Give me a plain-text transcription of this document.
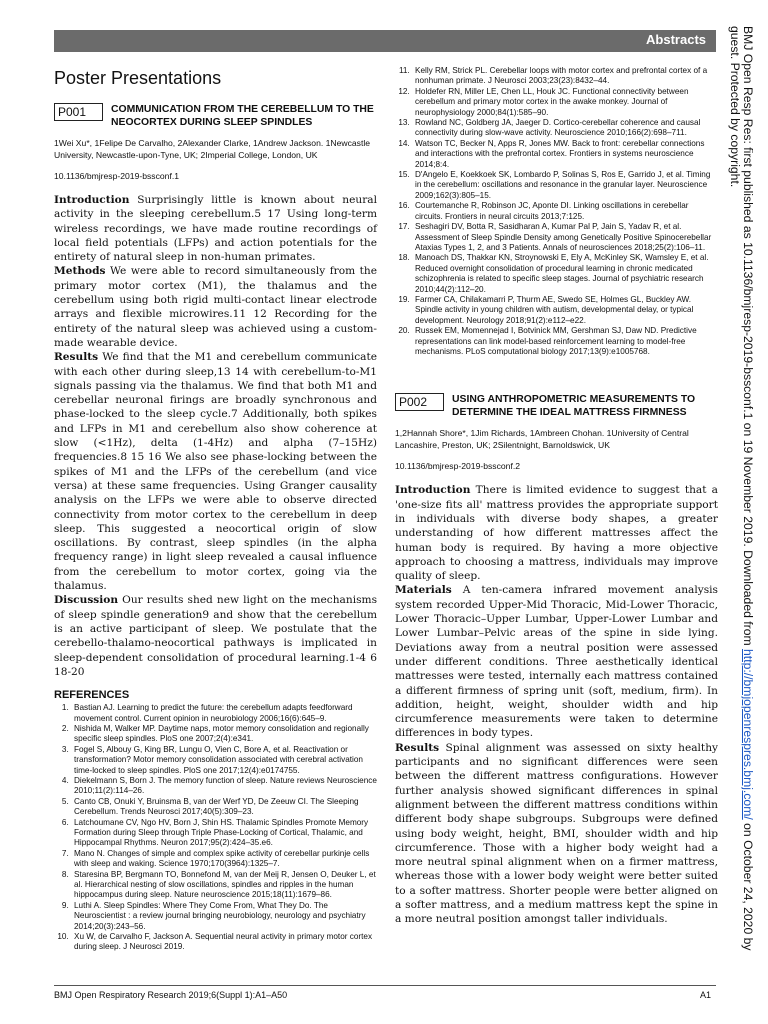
Abstracts	BMJ Open Resp Res: first published as 10.1136/bmjresp-2019-bssconf.1 on 19 November 2019. Downloaded from http://bmjopenrespres.bmj.com/ on October 24, 2020 by guest. Protected by copyright.
Poster Presentations
P001	COMMUNICATION FROM THE CEREBELLUM TO THE NEOCORTEX DURING SLEEP SPINDLES
1Wei Xu*, 1Felipe De Carvalho, 2Alexander Clarke, 1Andrew Jackson. 1Newcastle University, Newcastle-upon-Tyne, UK; 2Imperial College, London, UK
10.1136/bmjresp-2019-bssconf.1

Introduction Surprisingly little is known about neural activity in the sleeping cerebellum.5 17 Using long-term wireless recordings, we have made routine recordings of local field potentials (LFPs) and action potentials for the entirety of natural sleep in non-human primates.

Methods We were able to record simultaneously from the primary motor cortex (M1), the thalamus and the cerebellum using both rigid multi-contact linear electrode arrays and flexible microwires.11 12 Recording for the entirety of the natural sleep was achieved using a custom-made wearable device.

Results We find that the M1 and cerebellum communicate with each other during sleep,13 14 with cerebellum-to-M1 signals passing via the thalamus. We find that both M1 and cerebellar neuronal firings are broadly synchronous and phase-locked to the sleep cycle.7 Additionally, both spikes and LFPs in M1 and cerebellum also show coherence at slow (<1Hz), delta (1-4Hz) and alpha (7–15Hz) frequencies.8 15 16 We also see phase-locking between the spikes of M1 and the LFPs of the cerebellum (and vice versa) at these same frequencies. Using Granger causality analysis on the LFPs we were able to observe directed connectivity from motor cortex to the cerebellum in deep sleep. This suggested a neocortical origin of slow oscillations. By contrast, sleep spindles (in the alpha frequency range) in light sleep revealed a causal influence from the cerebellum to motor cortex, going via the thalamus.

Discussion Our results shed new light on the mechanisms of sleep spindle generation9 and show that the cerebellum is an active participant of sleep. We postulate that the cerebello-thalamo-neocortical pathways is implicated in sleep-dependent consolidation of procedural learning.1-4 6 18-20

REFERENCES
1. Bastian AJ. Learning to predict the future: the cerebellum adapts feedforward movement control. Current opinion in neurobiology 2006;16(6):645–9.
2. Nishida M, Walker MP. Daytime naps, motor memory consolidation and regionally specific sleep spindles. PloS one 2007;2(4):e341.
3. Fogel S, Albouy G, King BR, Lungu O, Vien C, Bore A, et al. Reactivation or transformation? Motor memory consolidation associated with cerebral activation time-locked to sleep spindles. PloS one 2017;12(4):e0174755.
4. Diekelmann S, Born J. The memory function of sleep. Nature reviews Neuroscience 2010;11(2):114–26.
5. Canto CB, Onuki Y, Bruinsma B, van der Werf YD, De Zeeuw CI. The Sleeping Cerebellum. Trends Neurosci 2017;40(5):309–23.
6. Latchoumane CV, Ngo HV, Born J, Shin HS. Thalamic Spindles Promote Memory Formation during Sleep through Triple Phase-Locking of Cortical, Thalamic, and Hippocampal Rhythms. Neuron 2017;95(2):424–35.e6.
7. Mano N. Changes of simple and complex spike activity of cerebellar purkinje cells with sleep and waking. Science 1970;170(3964):1325–7.
8. Staresina BP, Bergmann TO, Bonnefond M, van der Meij R, Jensen O, Deuker L, et al. Hierarchical nesting of slow oscillations, spindles and ripples in the human hippocampus during sleep. Nature neuroscience 2015;18(11):1679–86.
9. Luthi A. Sleep Spindles: Where They Come From, What They Do. The Neuroscientist : a review journal bringing neurobiology, neurology and psychiatry 2014;20(3):243–56.
10. Xu W, de Carvalho F, Jackson A. Sequential neural activity in primary motor cortex during sleep. J Neurosci 2019.
11. Kelly RM, Strick PL. Cerebellar loops with motor cortex and prefrontal cortex of a nonhuman primate. J Neurosci 2003;23(23):8432–44.
12. Holdefer RN, Miller LE, Chen LL, Houk JC. Functional connectivity between cerebellum and primary motor cortex in the awake monkey. Journal of neurophysiology 2000;84(1):585–90.
13. Rowland NC, Goldberg JA, Jaeger D. Cortico-cerebellar coherence and causal connectivity during slow-wave activity. Neuroscience 2010;166(2):698–711.
14. Watson TC, Becker N, Apps R, Jones MW. Back to front: cerebellar connections and interactions with the prefrontal cortex. Frontiers in systems neuroscience 2014;8:4.
15. D'Angelo E, Koekkoek SK, Lombardo P, Solinas S, Ros E, Garrido J, et al. Timing in the cerebellum: oscillations and resonance in the granular layer. Neuroscience 2009;162(3):805–15.
16. Courtemanche R, Robinson JC, Aponte DI. Linking oscillations in cerebellar circuits. Frontiers in neural circuits 2013;7:125.
17. Seshagiri DV, Botta R, Sasidharan A, Kumar Pal P, Jain S, Yadav R, et al. Assessment of Sleep Spindle Density among Genetically Positive Spinocerebellar Ataxias Types 1, 2, and 3 Patients. Annals of neurosciences 2018;25(2):106–11.
18. Manoach DS, Thakkar KN, Stroynowski E, Ely A, McKinley SK, Wamsley E, et al. Reduced overnight consolidation of procedural learning in chronic medicated schizophrenia is related to specific sleep stages. Journal of psychiatric research 2010;44(2):112–20.
19. Farmer CA, Chilakamarri P, Thurm AE, Swedo SE, Holmes GL, Buckley AW. Spindle activity in young children with autism, developmental delay, or typical development. Neurology 2018;91(2):e112–e22.
20. Russek EM, Momennejad I, Botvinick MM, Gershman SJ, Daw ND. Predictive representations can link model-based reinforcement learning to model-free mechanisms. PLoS computational biology 2017;13(9):e1005768.
P002	USING ANTHROPOMETRIC MEASUREMENTS TO DETERMINE THE IDEAL MATTRESS FIRMNESS
1,2Hannah Shore*, 1Jim Richards, 1Ambreen Chohan. 1University of Central Lancashire, Preston, UK; 2Silentnight, Barnoldswick, UK
10.1136/bmjresp-2019-bssconf.2

Introduction There is limited evidence to suggest that a 'one-size fits all' mattress provides the appropriate support in individuals with diverse body shapes, a greater understanding of how different mattresses affect the human body is required. By having a more objective approach to choosing a mattress, individuals may improve quality of sleep.

Materials A ten-camera infrared movement analysis system recorded Upper-Mid Thoracic, Mid-Lower Thoracic, Lower Thoracic–Upper Lumbar, Upper-Lower Lumbar and Lower Lumbar–Pelvic areas of the spine in side lying. Deviations away from a neutral position were assessed under different conditions. Three aesthetically identical mattresses were tested, internally each mattress contained a different firmness of spring unit (soft, medium, firm). In addition, height, weight, shoulder width and hip circumference measurements were taken to determine differences in body types.

Results Spinal alignment was assessed on sixty healthy participants and no significant differences were seen between the different mattress configurations. However further analysis showed significant differences in spinal alignment between the different mattress conditions within different body shape subgroups. Subgroups were defined using body weight, height, BMI, shoulder width and hip circumference. Those with a higher body weight had a more neutral spinal alignment when on a firmer mattress, whereas those with a lower body weight were better suited to a softer mattress. Shorter people were better aligned on a softer mattress, and a medium mattress kept the spine in a more neutral position amongst taller individuals.

BMJ Open Respiratory Research 2019;6(Suppl 1):A1–A50	A1
